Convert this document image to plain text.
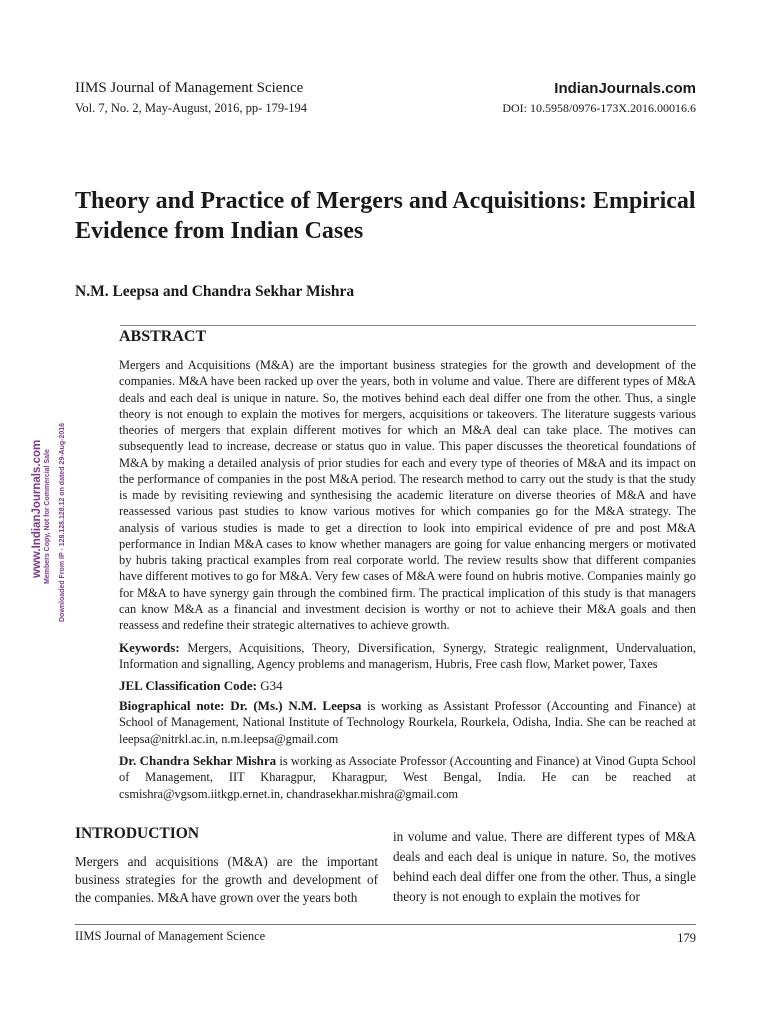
IIMS Journal of Management Science
Vol. 7, No. 2, May-August, 2016, pp- 179-194
IndianJournals.com
DOI: 10.5958/0976-173X.2016.00016.6
Theory and Practice of Mergers and Acquisitions: Empirical Evidence from Indian Cases
N.M. Leepsa and Chandra Sekhar Mishra
ABSTRACT

Mergers and Acquisitions (M&A) are the important business strategies for the growth and development of the companies. M&A have been racked up over the years, both in volume and value. There are different types of M&A deals and each deal is unique in nature. So, the motives behind each deal differ one from the other. Thus, a single theory is not enough to explain the motives for mergers, acquisitions or takeovers. The literature suggests various theories of mergers that explain different motives for which an M&A deal can take place. The motives can subsequently lead to increase, decrease or status quo in value. This paper discusses the theoretical foundations of M&A by making a detailed analysis of prior studies for each and every type of theories of M&A and its impact on the performance of companies in the post M&A period. The research method to carry out the study is that the study is made by revisiting reviewing and synthesising the academic literature on diverse theories of M&A and have reassessed various past studies to know various motives for which companies go for the M&A strategy. The analysis of various studies is made to get a direction to look into empirical evidence of pre and post M&A performance in Indian M&A cases to know whether managers are going for value enhancing mergers or motivated by hubris taking practical examples from real corporate world. The review results show that different companies have different motives to go for M&A. Very few cases of M&A were found on hubris motive. Companies mainly go for M&A to have synergy gain through the combined firm. The practical implication of this study is that managers can know M&A as a financial and investment decision is worthy or not to achieve their M&A goals and then reassess and redefine their strategic alternatives to achieve growth.

Keywords: Mergers, Acquisitions, Theory, Diversification, Synergy, Strategic realignment, Undervaluation, Information and signalling, Agency problems and managerism, Hubris, Free cash flow, Market power, Taxes

JEL Classification Code: G34

Biographical note: Dr. (Ms.) N.M. Leepsa is working as Assistant Professor (Accounting and Finance) at School of Management, National Institute of Technology Rourkela, Rourkela, Odisha, India. She can be reached at leepsa@nitrkl.ac.in, n.m.leepsa@gmail.com

Dr. Chandra Sekhar Mishra is working as Associate Professor (Accounting and Finance) at Vinod Gupta School of Management, IIT Kharagpur, Kharagpur, West Bengal, India. He can be reached at csmishra@vgsom.iitkgp.ernet.in, chandrasekhar.mishra@gmail.com

www.IndianJournals.com Members Copy, Not for Commercial Sale Downloaded From IP - 128.128.128.12 on dated 29-Aug-2016
INTRODUCTION

Mergers and acquisitions (M&A) are the important business strategies for the growth and development of the companies. M&A have grown over the years both

in volume and value. There are different types of M&A deals and each deal is unique in nature. So, the motives behind each deal differ one from the other. Thus, a single theory is not enough to explain the motives for

IIMS Journal of Management Science	179
